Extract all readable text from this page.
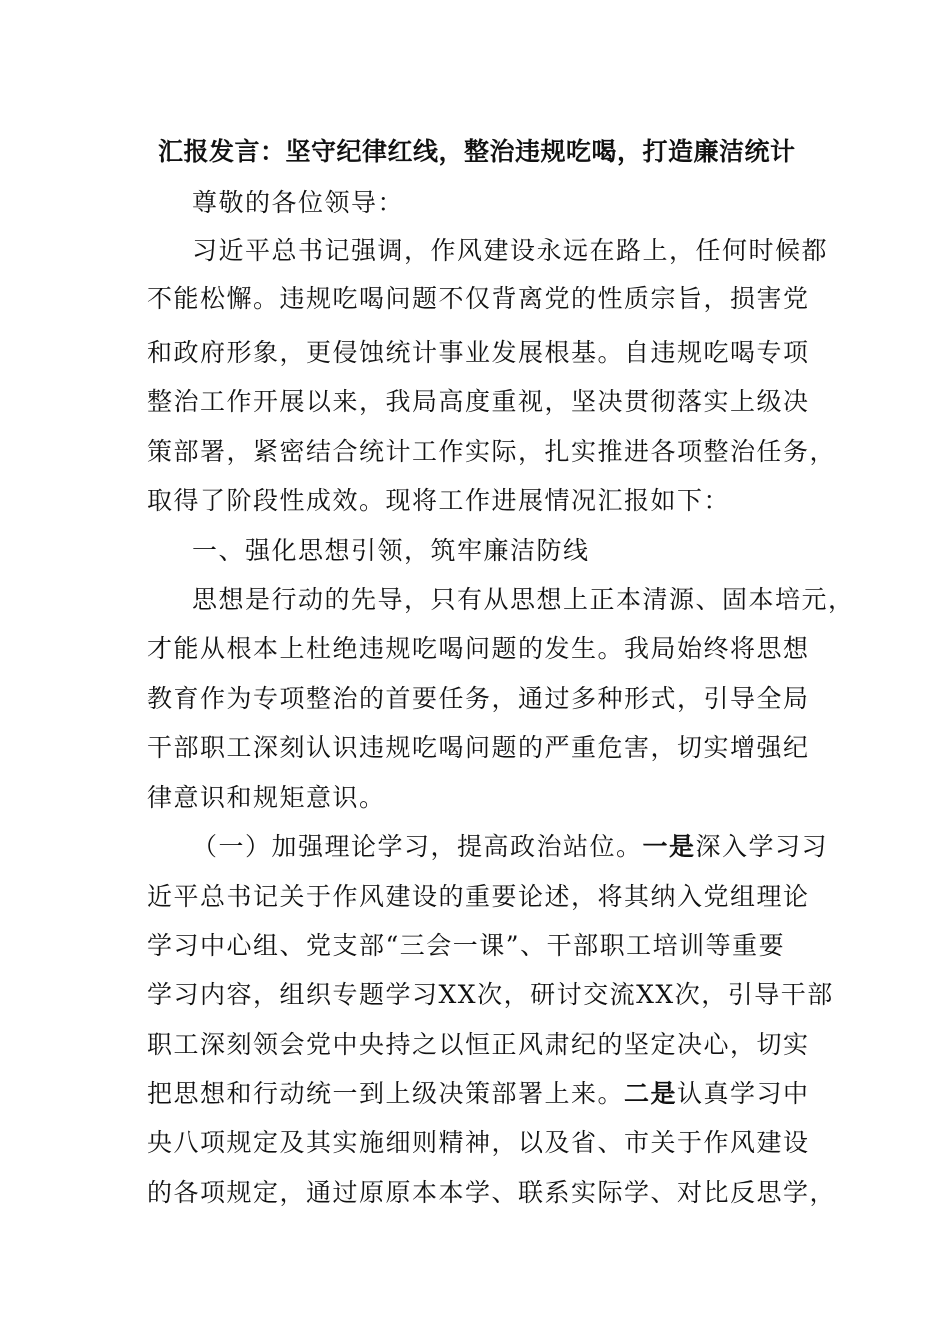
汇报发言：坚守纪律红线，整治违规吃喝，打造廉洁统计
尊敬的各位领导：
习近平总书记强调，作风建设永远在路上，任何时候都
不能松懈。违规吃喝问题不仅背离党的性质宗旨，损害党
和政府形象，更侵蚀统计事业发展根基。自违规吃喝专项
整治工作开展以来，我局高度重视，坚决贯彻落实上级决
策部署，紧密结合统计工作实际，扎实推进各项整治任务，
取得了阶段性成效。现将工作进展情况汇报如下：
一、强化思想引领，筑牢廉洁防线
思想是行动的先导，只有从思想上正本清源、固本培元，
才能从根本上杜绝违规吃喝问题的发生。我局始终将思想
教育作为专项整治的首要任务，通过多种形式，引导全局
干部职工深刻认识违规吃喝问题的严重危害，切实增强纪
律意识和规矩意识。
（一）加强理论学习，提高政治站位。一是深入学习习
近平总书记关于作风建设的重要论述，将其纳入党组理论
学习中心组、党支部“三会一课”、干部职工培训等重要
学习内容，组织专题学习XX次，研讨交流XX次，引导干部
职工深刻领会党中央持之以恒正风肃纪的坚定决心，切实
把思想和行动统一到上级决策部署上来。二是认真学习中
央八项规定及其实施细则精神，以及省、市关于作风建设
的各项规定，通过原原本本学、联系实际学、对比反思学，
